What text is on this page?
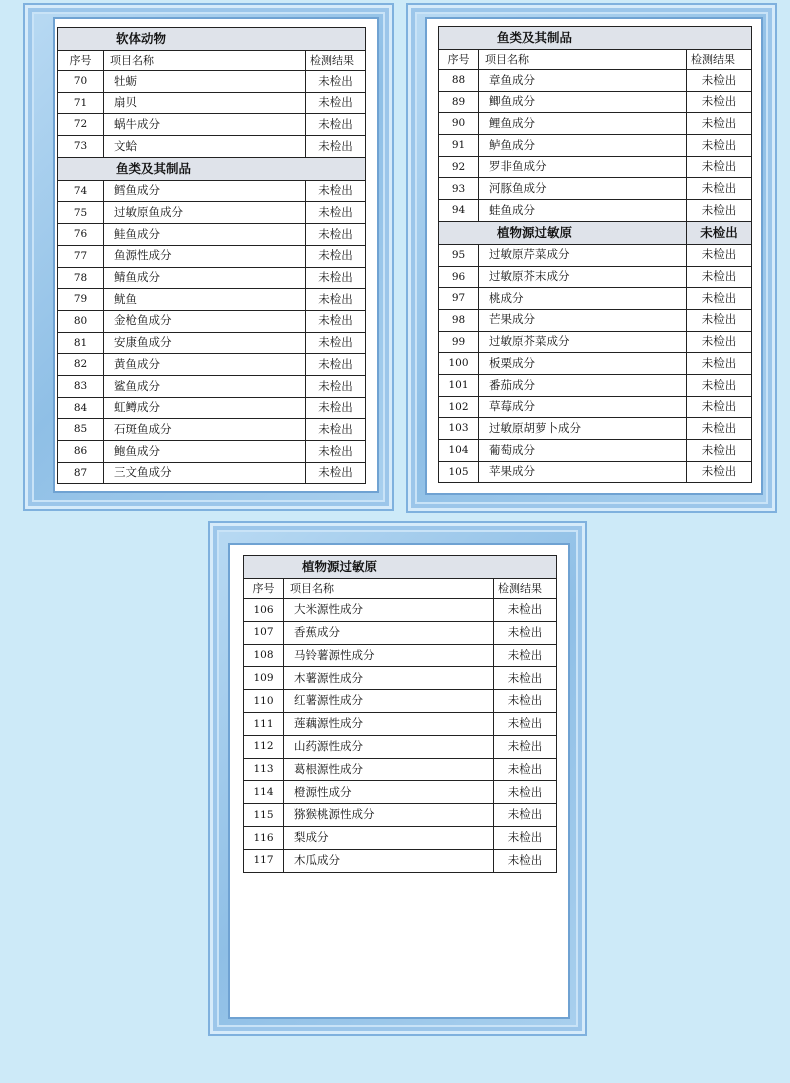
软体动物		
序号	项目名称	检测结果
70	牡蛎	未检出
71	扇贝	未检出
72	蜗牛成分	未检出
73	文蛤	未检出
鱼类及其制品		
74	鳕鱼成分	未检出
75	过敏原鱼成分	未检出
76	鲑鱼成分	未检出
77	鱼源性成分	未检出
78	鲭鱼成分	未检出
79	鱿鱼	未检出
80	金枪鱼成分	未检出
81	安康鱼成分	未检出
82	黄鱼成分	未检出
83	鲨鱼成分	未检出
84	虹鳟成分	未检出
85	石斑鱼成分	未检出
86	鲍鱼成分	未检出
87	三文鱼成分	未检出
鱼类及其制品		
序号	项目名称	检测结果
88	章鱼成分	未检出
89	鲫鱼成分	未检出
90	鲤鱼成分	未检出
91	鲈鱼成分	未检出
92	罗非鱼成分	未检出
93	河豚鱼成分	未检出
94	蛙鱼成分	未检出
植物源过敏原		未检出
95	过敏原芹菜成分	未检出
96	过敏原芥末成分	未检出
97	桃成分	未检出
98	芒果成分	未检出
99	过敏原芥菜成分	未检出
100	板栗成分	未检出
101	番茄成分	未检出
102	草莓成分	未检出
103	过敏原胡萝卜成分	未检出
104	葡萄成分	未检出
105	苹果成分	未检出
植物源过敏原		
序号	项目名称	检测结果
106	大米源性成分	未检出
107	香蕉成分	未检出
108	马铃薯源性成分	未检出
109	木薯源性成分	未检出
110	红薯源性成分	未检出
111	莲藕源性成分	未检出
112	山药源性成分	未检出
113	葛根源性成分	未检出
114	橙源性成分	未检出
115	猕猴桃源性成分	未检出
116	梨成分	未检出
117	木瓜成分	未检出
